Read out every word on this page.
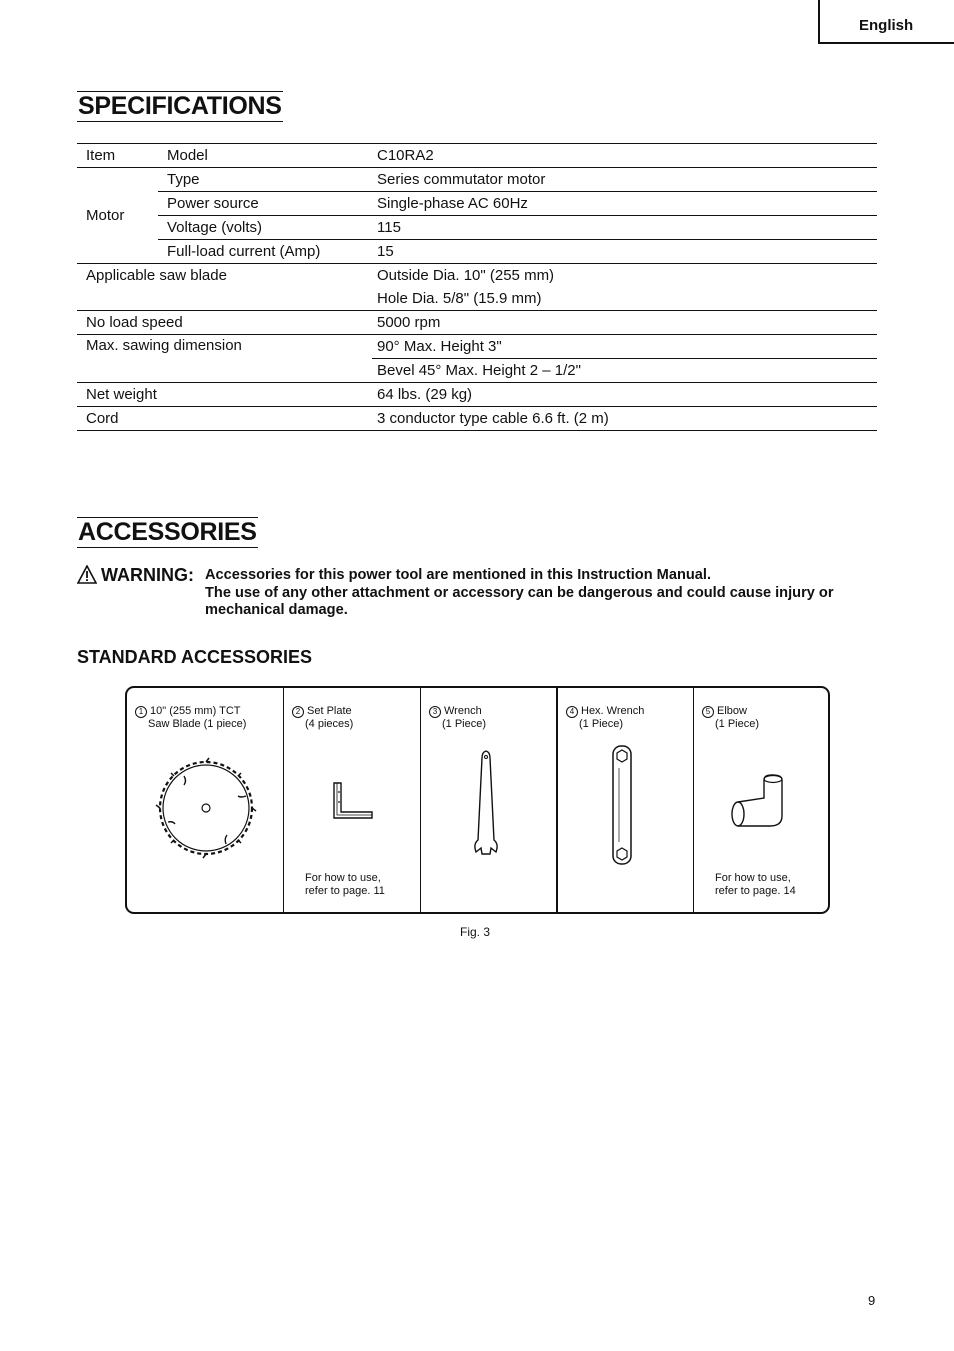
English
SPECIFICATIONS
Item	Model	C10RA2
Motor	Type	Series commutator motor
	Power source	Single-phase AC 60Hz
	Voltage (volts)	115
	Full-load current (Amp)	15
Applicable saw blade		Outside Dia. 10" (255 mm)
		Hole Dia. 5/8" (15.9 mm)
No load speed		5000 rpm
Max. sawing dimension		90° Max. Height 3"
		Bevel 45° Max. Height 2 – 1/2"
Net weight		64 lbs. (29 kg)
Cord		3 conductor type cable 6.6 ft. (2 m)
ACCESSORIES
WARNING: Accessories for this power tool are mentioned in this Instruction Manual.
The use of any other attachment or accessory can be dangerous and could cause injury or mechanical damage.
STANDARD ACCESSORIES
1 10" (255 mm) TCT
Saw Blade (1 piece)
2 Set Plate
(4 pieces)
For how to use,
refer to page. 11
3 Wrench
(1 Piece)
4 Hex. Wrench
(1 Piece)
5 Elbow
(1 Piece)
For how to use,
refer to page. 14
Fig. 3
9
